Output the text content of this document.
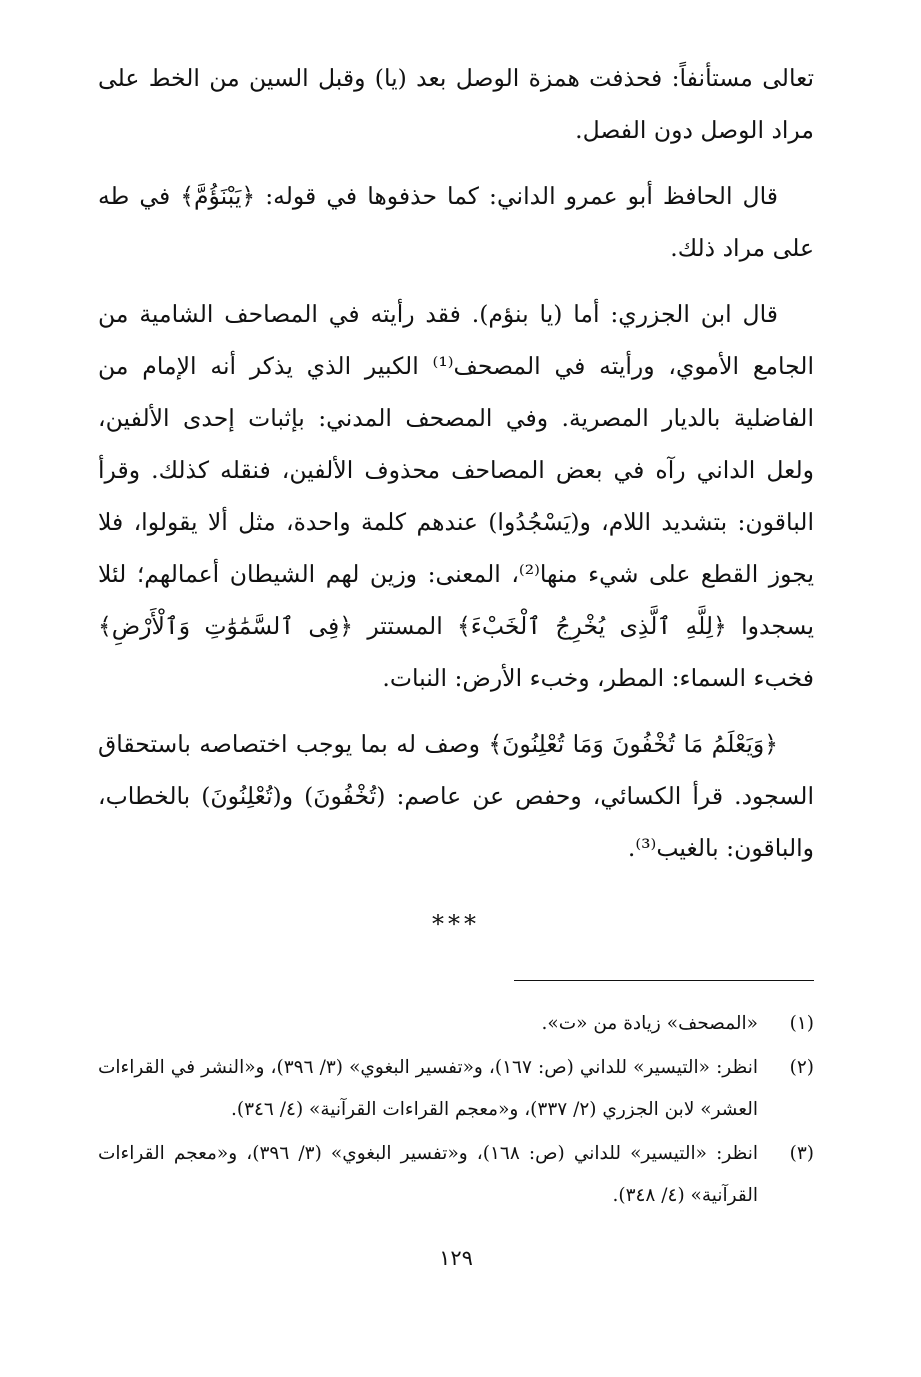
تعالى مستأنفاً: فحذفت همزة الوصل بعد (يا) وقبل السين من الخط على مراد الوصل دون الفصل.

قال الحافظ أبو عمرو الداني: كما حذفوها في قوله: ﴿يَبْنَؤُمَّ﴾ في طه على مراد ذلك.

قال ابن الجزري: أما (يا بنؤم). فقد رأيته في المصاحف الشامية من الجامع الأموي، ورأيته في المصحف⁽¹⁾ الكبير الذي يذكر أنه الإمام من الفاضلية بالديار المصرية. وفي المصحف المدني: بإثبات إحدى الألفين، ولعل الداني رآه في بعض المصاحف محذوف الألفين، فنقله كذلك. وقرأ الباقون: بتشديد اللام، و(يَسْجُدُوا) عندهم كلمة واحدة، مثل ألا يقولوا، فلا يجوز القطع على شيء منها⁽²⁾، المعنى: وزين لهم الشيطان أعمالهم؛ لئلا يسجدوا ﴿لِلَّهِ ٱلَّذِى يُخْرِجُ ٱلْخَبْءَ﴾ المستتر ﴿فِى ٱلسَّمَٰوَٰتِ وَٱلْأَرْضِ﴾ فخبء السماء: المطر، وخبء الأرض: النبات.

﴿وَيَعْلَمُ مَا تُخْفُونَ وَمَا تُعْلِنُونَ﴾ وصف له بما يوجب اختصاصه باستحقاق السجود. قرأ الكسائي، وحفص عن عاصم: (تُخْفُونَ) و(تُعْلِنُونَ) بالخطاب، والباقون: بالغيب⁽³⁾.

***
(١)
«المصحف» زيادة من «ت».
(٢)
انظر: «التيسير» للداني (ص: ١٦٧)، و«تفسير البغوي» (٣/ ٣٩٦)، و«النشر في القراءات العشر» لابن الجزري (٢/ ٣٣٧)، و«معجم القراءات القرآنية» (٤/ ٣٤٦).
(٣)
انظر: «التيسير» للداني (ص: ١٦٨)، و«تفسير البغوي» (٣/ ٣٩٦)، و«معجم القراءات القرآنية» (٤/ ٣٤٨).
١٢٩
